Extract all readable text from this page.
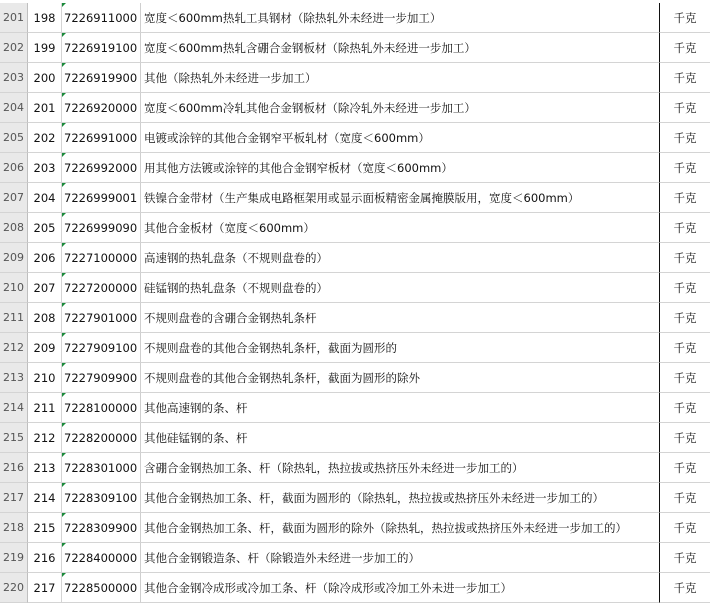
201 198 7226911000 宽度＜600mm热轧工具钢材（除热轧外未经进一步加工）	千克
202 199 7226919100 宽度＜600mm热轧含硼合金钢板材（除热轧外未经进一步加工）	千克
203 200 7226919900 其他（除热轧外未经进一步加工）	千克
204 201 7226920000 宽度＜600mm冷轧其他合金钢板材（除冷轧外未经进一步加工）	千克
205 202 7226991000 电镀或涂锌的其他合金钢窄平板轧材（宽度＜600mm）	千克
206 203 7226992000 用其他方法镀或涂锌的其他合金钢窄板材（宽度＜600mm）	千克
207 204 7226999001 铁镍合金带材（生产集成电路框架用或显示面板精密金属掩膜版用，宽度＜600mm）	千克
208 205 7226999090 其他合金板材（宽度＜600mm）	千克
209 206 7227100000 高速钢的热轧盘条（不规则盘卷的）	千克
210 207 7227200000 硅锰钢的热轧盘条（不规则盘卷的）	千克
211 208 7227901000 不规则盘卷的含硼合金钢热轧条杆	千克
212 209 7227909100 不规则盘卷的其他合金钢热轧条杆，截面为圆形的	千克
213 210 7227909900 不规则盘卷的其他合金钢热轧条杆，截面为圆形的除外	千克
214 211 7228100000 其他高速钢的条、杆	千克
215 212 7228200000 其他硅锰钢的条、杆	千克
216 213 7228301000 含硼合金钢热加工条、杆（除热轧，热拉拔或热挤压外未经进一步加工的）	千克
217 214 7228309100 其他合金钢热加工条、杆，截面为圆形的（除热轧，热拉拔或热挤压外未经进一步加工的）	千克
218 215 7228309900 其他合金钢热加工条、杆，截面为圆形的除外（除热轧，热拉拔或热挤压外未经进一步加工的）	千克
219 216 7228400000 其他合金钢锻造条、杆（除锻造外未经进一步加工的）	千克
220 217 7228500000 其他合金钢冷成形或冷加工条、杆（除冷成形或冷加工外未进一步加工）	千克
